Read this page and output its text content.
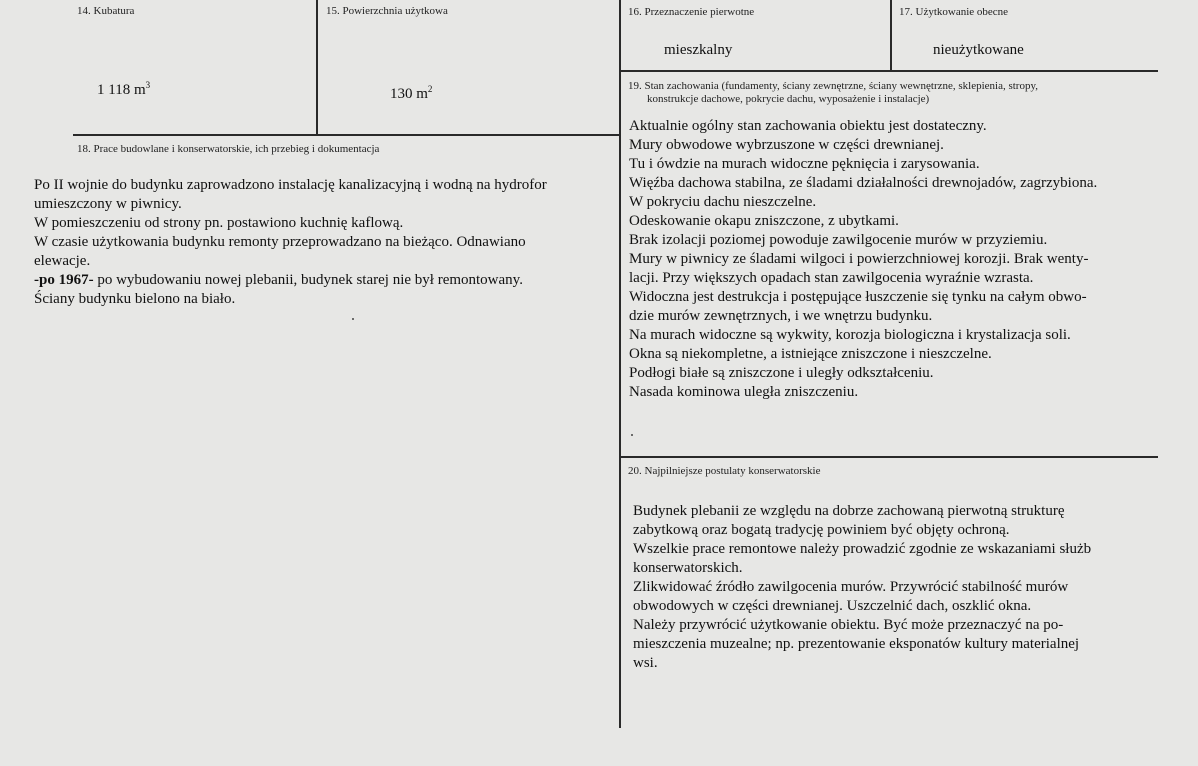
14. Kubatura
1 118 $m^3$
15. Powierzchnia użytkowa
130 $m^2$
16. Przeznaczenie pierwotne
mieszkalny
17. Użytkowanie obecne
nieużytkowane
19. Stan zachowania (fundamenty, ściany zewnętrzne, ściany wewnętrzne, sklepienia, stropy,
konstrukcje dachowe, pokrycie dachu, wyposażenie i instalacje)

Aktualnie ogólny stan zachowania obiektu jest dostateczny.

Mury obwodowe wybrzuszone w części drewnianej.

Tu i ówdzie na murach widoczne pęknięcia i zarysowania.

Więźba dachowa stabilna, ze śladami działalności drewnojadów, zagrzybiona.

W pokryciu dachu nieszczelne.

Odeskowanie okapu zniszczone, z ubytkami.

Brak izolacji poziomej powoduje zawilgocenie murów w przyziemiu.

Mury w piwnicy ze śladami wilgoci i powierzchniowej korozji. Brak wenty-

lacji. Przy większych opadach stan zawilgocenia wyraźnie wzrasta.

Widoczna jest destrukcja i postępujące łuszczenie się tynku na całym obwo-

dzie murów zewnętrznych, i we wnętrzu budynku.

Na murach widoczne są wykwity, korozja biologiczna i krystalizacja soli.

Okna są niekompletne, a istniejące zniszczone i nieszczelne.

Podłogi białe są zniszczone i uległy odkształceniu.

Nasada kominowa uległa zniszczeniu.

18. Prace budowlane i konserwatorskie, ich przebieg i dokumentacja

Po II wojnie do budynku zaprowadzono instalację kanalizacyjną i wodną na hydrofor

umieszczony w piwnicy.

W pomieszczeniu od strony pn. postawiono kuchnię kaflową.

W czasie użytkowania budynku remonty przeprowadzano na bieżąco. Odnawiano

elewacje.

-po 1967- po wybudowaniu nowej plebanii, budynek starej nie był remontowany.

Ściany budynku bielono na biało.

20. Najpilniejsze postulaty konserwatorskie

Budynek plebanii ze względu na dobrze zachowaną pierwotną strukturę

zabytkową oraz bogatą tradycję powiniem być objęty ochroną.

Wszelkie prace remontowe należy prowadzić zgodnie ze wskazaniami służb

konserwatorskich.

Zlikwidować źródło zawilgocenia murów. Przywrócić stabilność murów

obwodowych w części drewnianej. Uszczelnić dach, oszklić okna.

Należy przywrócić użytkowanie obiektu. Być może przeznaczyć na po-

mieszczenia muzealne; np. prezentowanie eksponatów kultury materialnej

wsi.
